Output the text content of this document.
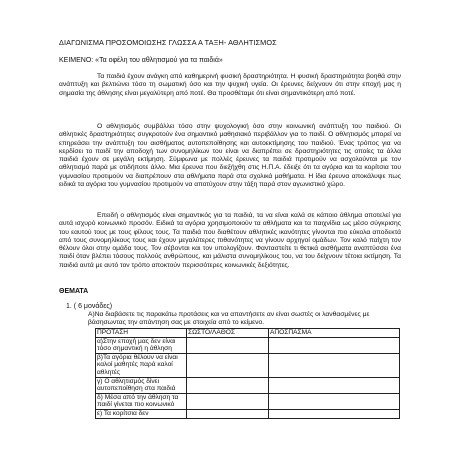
ΔΙΑΓΩΝΙΣΜΑ ΠΡΟΣΟΜΟΙΩΣΗΣ ΓΛΩΣΣΑ Α ΤΑΞΗ- ΑΘΛΗΤΙΣΜΟΣ
ΚΕΙΜΕΝΟ: «Τα οφέλη του αθλητισμού για τα παιδιά»
Τα παιδιά έχουν ανάγκη από καθημερινή φυσική δραστηριότητα. Η φυσική δραστηριότητα βοηθά στην ανάπτυξη και βελτιώνει τόσο τη σωματική όσο και την ψυχική υγεία. Οι έρευνες δείχνουν ότι στην εποχή μας η σημασία της άθλησης είναι μεγαλύτερη από ποτέ. Θα προσθέταμε ότι είναι σημαντικότερη από ποτέ.
Ο αθλητισμός συμβάλλει τόσο στην ψυχολογική όσο στην κοινωνική ανάπτυξη του παιδιού. Οι αθλητικές δραστηριότητες συγκροτούν ένα σημαντικό μαθησιακό περιβάλλον για το παιδί. Ο αθλητισμός μπορεί να επηρεάσει την ανάπτυξη του αισθήματος αυτοπεποίθησης και αυτοεκτίμησης του παιδιού. Ένας τρόπος για να κερδίσει το παιδί την αποδοχή των συνομηλίκων του είναι να διαπρέπει σε δραστηριότητες τις οποίες τα άλλα παιδιά έχουν σε μεγάλη εκτίμηση. Σύμφωνα με πολλές έρευνες τα παιδιά προτιμούν να ασχολούνται με τον αθλητισμό παρά με οτιδήποτε άλλο. Μια έρευνα που διεξήχθη στις Η.Π.Α. έδειξε ότι τα αγόρια και τα κορίτσια του γυμνασίου προτιμούν να διαπρέπουν στα αθλήματα παρά στα σχολικά μαθήματα. Η ίδια έρευνα αποκάλυψε πως ειδικά τα αγόρια του γυμνασίου προτιμούν να αποτύχουν στην τάξη παρά στον αγωνιστικό χώρο.
Επειδή ο αθλητισμός είναι σημαντικός για τα παιδιά, τα να είναι καλά σε κάποιο άθλημα αποτελεί για αυτά ισχυρό κοινωνικό προσόν. Ειδικά τα αγόρια χρησιμοποιούν τα αθλήματα και τα παιχνίδια ως μέσο σύγκρισης του εαυτού τους με τους φίλους τους. Τα παιδιά που διαθέτουν αθλητικές ικανότητες γίνονται πιο εύκολα αποδεκτά από τους συνομηλίκους τους και έχουν μεγαλύτερες πιθανότητες να γίνουν αρχηγοί ομάδων. Τον καλό παίχτη τον θέλουν όλοι στην ομάδα τους. Τον σέβονται και τον υπολογίζουν. Φανταστείτε τι θετικά αισθήματα αναπτύσσει ένα παιδί όταν βλέπει τόσους πολλούς ανθρώπους, και μάλιστα συνομηλίκους του, να του δείχνουν τέτοια εκτίμηση. Τα παιδιά αυτά με αυτό τον τρόπο αποκτούν περισσότερες κοινωνικές δεξιότητες.
ΘΕΜΑΤΑ
1. ( 6 μονάδες)
Α)Να διαβάσετε τις παρακάτω προτάσεις και να απαντήσετε αν είναι σωστές οι λανθασμένες με βάσησωντας την απάντηση σας με στοιχεία από το κείμενο.
ΠΡΟΤΑΣΗ	ΣΩΣΤΟ/ΛΑΘΟΣ	ΑΠΟΣΠΑΣΜΑ
α)Στην εποχή μας δεν είναι τόσο σημαντική η άθληση		
β)Τα αγόρια θέλουν να είναι καλοί μαθητές παρά καλοί αθλητές		
γ) Ο αθλητισμός δίνει αυτοπεποίθηση στα παιδιά		
δ) Μέσα από την άθληση τα παιδί γίνεται πιο κοινωνικό		
ε) Τα κορίτσια δεν		
